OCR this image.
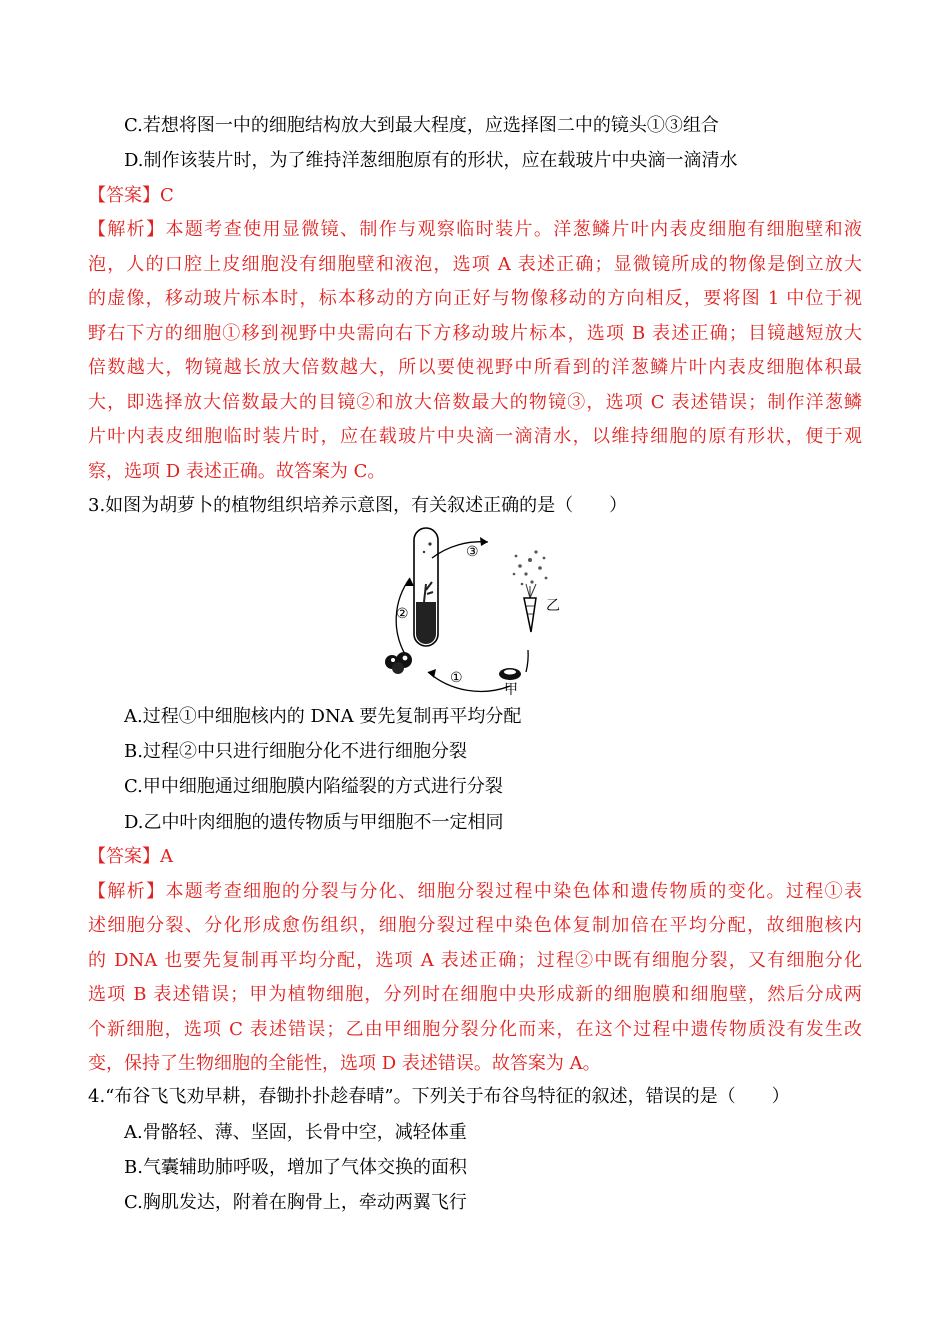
C.若想将图一中的细胞结构放大到最大程度，应选择图二中的镜头①③组合
D.制作该装片时，为了维持洋葱细胞原有的形状，应在载玻片中央滴一滴清水
【答案】C
【解析】本题考查使用显微镜、制作与观察临时装片。洋葱鳞片叶内表皮细胞有细胞壁和液
泡，人的口腔上皮细胞没有细胞壁和液泡，选项 A 表述正确；显微镜所成的物像是倒立放大
的虚像，移动玻片标本时，标本移动的方向正好与物像移动的方向相反，要将图 1 中位于视
野右下方的细胞①移到视野中央需向右下方移动玻片标本，选项 B 表述正确；目镜越短放大
倍数越大，物镜越长放大倍数越大，所以要使视野中所看到的洋葱鳞片叶内表皮细胞体积最
大，即选择放大倍数最大的目镜②和放大倍数最大的物镜③，选项 C 表述错误；制作洋葱鳞
片叶内表皮细胞临时装片时，应在载玻片中央滴一滴清水，以维持细胞的原有形状，便于观
察，选项 D 表述正确。故答案为 C。
3.如图为胡萝卜的植物组织培养示意图，有关叙述正确的是（　　）
③
②
①
甲
乙
A.过程①中细胞核内的 DNA 要先复制再平均分配
B.过程②中只进行细胞分化不进行细胞分裂
C.甲中细胞通过细胞膜内陷缢裂的方式进行分裂
D.乙中叶肉细胞的遗传物质与甲细胞不一定相同
【答案】A
【解析】本题考查细胞的分裂与分化、细胞分裂过程中染色体和遗传物质的变化。过程①表
述细胞分裂、分化形成愈伤组织，细胞分裂过程中染色体复制加倍在平均分配，故细胞核内
的 DNA 也要先复制再平均分配，选项 A 表述正确；过程②中既有细胞分裂，又有细胞分化
选项 B 表述错误；甲为植物细胞，分列时在细胞中央形成新的细胞膜和细胞壁，然后分成两
个新细胞，选项 C 表述错误；乙由甲细胞分裂分化而来，在这个过程中遗传物质没有发生改
变，保持了生物细胞的全能性，选项 D 表述错误。故答案为 A。
4.“布谷飞飞劝早耕，春锄扑扑趁春晴”。下列关于布谷鸟特征的叙述，错误的是（　　）
A.骨骼轻、薄、坚固，长骨中空，减轻体重
B.气囊辅助肺呼吸，增加了气体交换的面积
C.胸肌发达，附着在胸骨上，牵动两翼飞行
